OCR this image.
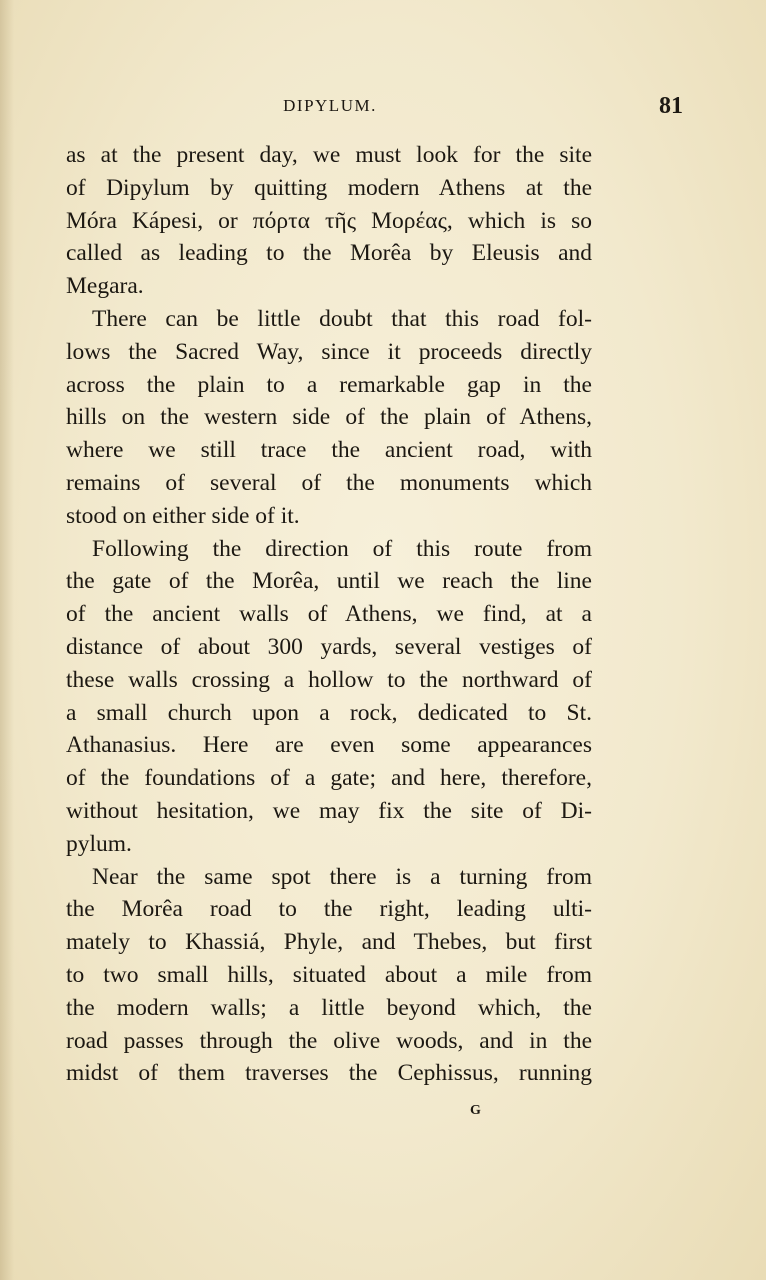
DIPYLUM.	81

as at the present day, we must look for the site
of Dipylum by quitting modern Athens at the
Móra Kápesi, or πόρτα τῆς Μορέας, which is so
called as leading to the Morêa by Eleusis and
Megara.

There can be little doubt that this road fol-
lows the Sacred Way, since it proceeds directly
across the plain to a remarkable gap in the
hills on the western side of the plain of Athens,
where we still trace the ancient road, with
remains of several of the monuments which
stood on either side of it.

Following the direction of this route from
the gate of the Morêa, until we reach the line
of the ancient walls of Athens, we find, at a
distance of about 300 yards, several vestiges of
these walls crossing a hollow to the northward of
a small church upon a rock, dedicated to St.
Athanasius. Here are even some appearances
of the foundations of a gate; and here, therefore,
without hesitation, we may fix the site of Di-
pylum.

Near the same spot there is a turning from
the Morêa road to the right, leading ulti-
mately to Khassiá, Phyle, and Thebes, but first
to two small hills, situated about a mile from
the modern walls; a little beyond which, the
road passes through the olive woods, and in the
midst of them traverses the Cephissus, running

G
